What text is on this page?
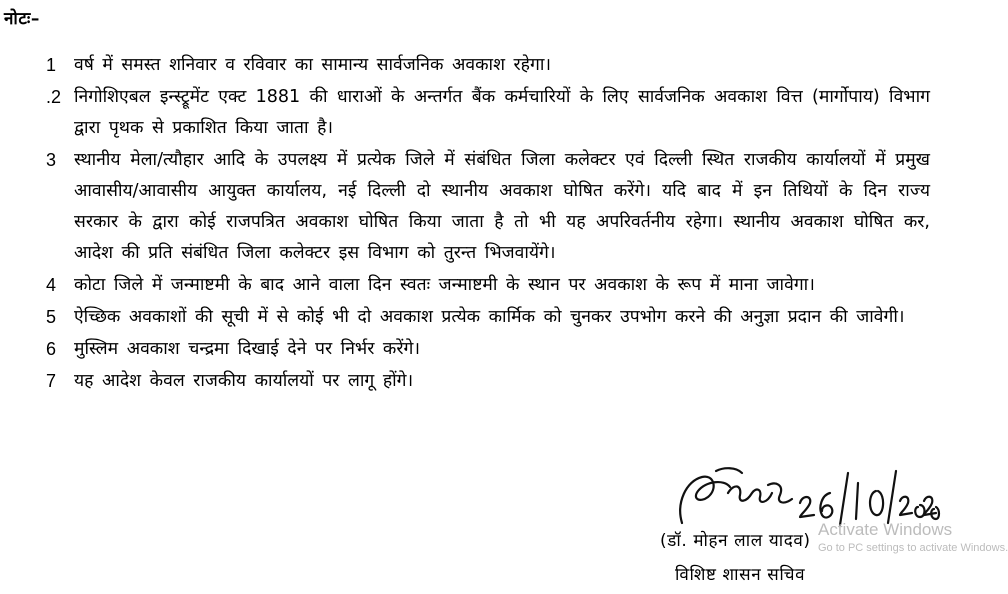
नोटः–
1	वर्ष में समस्त शनिवार व रविवार का सामान्य सार्वजनिक अवकाश रहेगा।
.2 निगोशिएबल इन्स्ट्रूमेंट एक्ट 1881 की धाराओं के अन्तर्गत बैंक कर्मचारियों के लिए सार्वजनिक अवकाश वित्त (मार्गोपाय) विभाग द्वारा पृथक से प्रकाशित किया जाता है।
3	स्थानीय मेला/त्यौहार आदि के उपलक्ष्य में प्रत्येक जिले में संबंधित जिला कलेक्टर एवं दिल्ली स्थित राजकीय कार्यालयों में प्रमुख आवासीय/आवासीय आयुक्त कार्यालय, नई दिल्ली दो स्थानीय अवकाश घोषित करेंगे। यदि बाद में इन तिथियों के दिन राज्य सरकार के द्वारा कोई राजपत्रित अवकाश घोषित किया जाता है तो भी यह अपरिवर्तनीय रहेगा। स्थानीय अवकाश घोषित कर, आदेश की प्रति संबंधित जिला कलेक्टर इस विभाग को तुरन्त भिजवायेंगे।
4	कोटा जिले में जन्माष्टमी के बाद आने वाला दिन स्वतः जन्माष्टमी के स्थान पर अवकाश के रूप में माना जावेगा।
5	ऐच्छिक अवकाशों की सूची में से कोई भी दो अवकाश प्रत्येक कार्मिक को चुनकर उपभोग करने की अनुज्ञा प्रदान की जावेगी।
6	मुस्लिम अवकाश चन्द्रमा दिखाई देने पर निर्भर करेंगे।
7	यह आदेश केवल राजकीय कार्यालयों पर लागू होंगे।
(डॉ. मोहन लाल यादव)
विशिष्ट शासन सचिव
Activate Windows
Go to PC settings to activate Windows.
